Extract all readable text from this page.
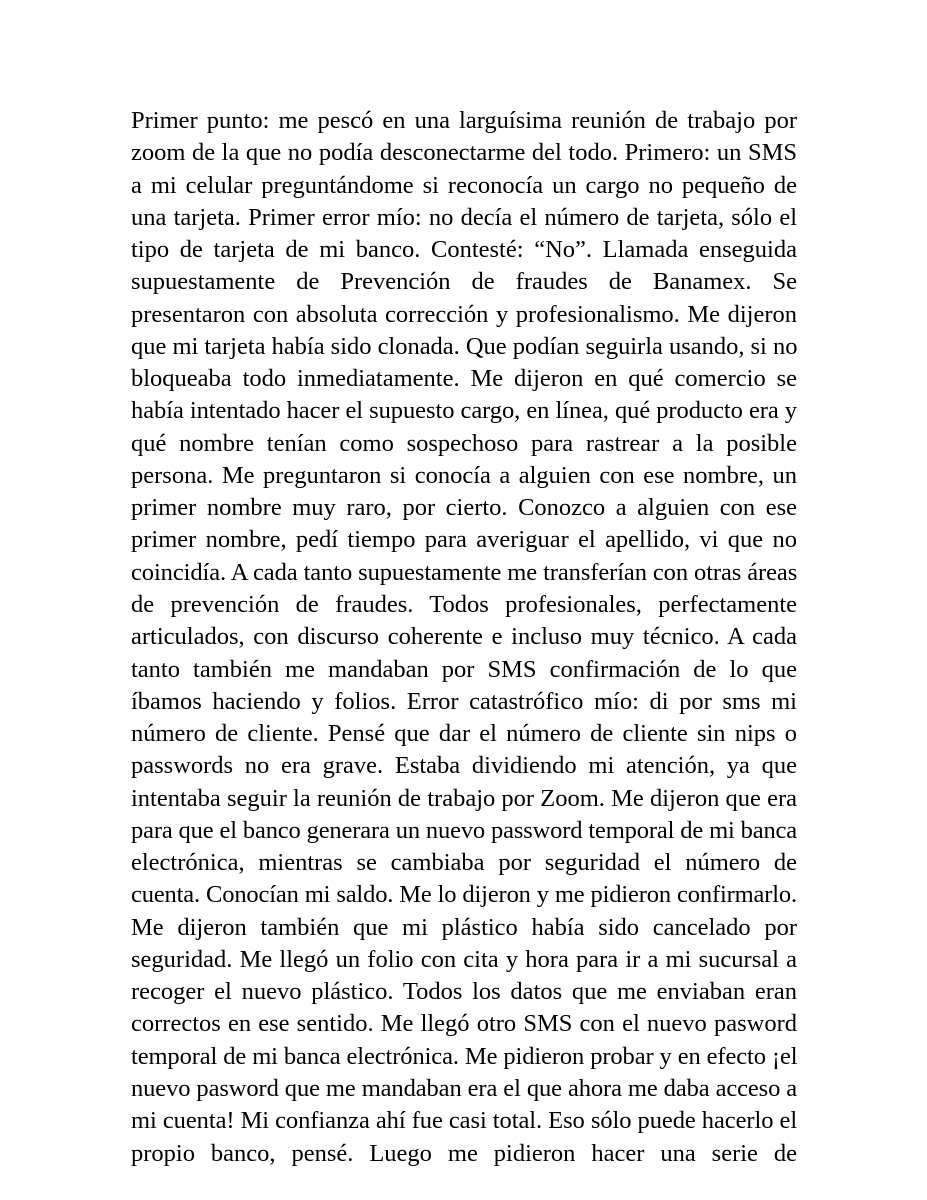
Primer punto: me pescó en una larguísima reunión de trabajo por
zoom de la que no podía desconectarme del todo. Primero: un SMS
a mi celular preguntándome si reconocía un cargo no pequeño de
una tarjeta. Primer error mío: no decía el número de tarjeta, sólo el
tipo de tarjeta de mi banco. Contesté: “No”. Llamada enseguida
supuestamente de Prevención de fraudes de Banamex. Se
presentaron con absoluta corrección y profesionalismo. Me dijeron
que mi tarjeta había sido clonada. Que podían seguirla usando, si no
bloqueaba todo inmediatamente. Me dijeron en qué comercio se
había intentado hacer el supuesto cargo, en línea, qué producto era y
qué nombre tenían como sospechoso para rastrear a la posible
persona. Me preguntaron si conocía a alguien con ese nombre, un
primer nombre muy raro, por cierto. Conozco a alguien con ese
primer nombre, pedí tiempo para averiguar el apellido, vi que no
coincidía. A cada tanto supuestamente me transferían con otras áreas
de prevención de fraudes. Todos profesionales, perfectamente
articulados, con discurso coherente e incluso muy técnico. A cada
tanto también me mandaban por SMS confirmación de lo que
íbamos haciendo y folios. Error catastrófico mío: di por sms mi
número de cliente. Pensé que dar el número de cliente sin nips o
passwords no era grave. Estaba dividiendo mi atención, ya que
intentaba seguir la reunión de trabajo por Zoom. Me dijeron que era
para que el banco generara un nuevo password temporal de mi banca
electrónica, mientras se cambiaba por seguridad el número de
cuenta. Conocían mi saldo. Me lo dijeron y me pidieron confirmarlo.
Me dijeron también que mi plástico había sido cancelado por
seguridad. Me llegó un folio con cita y hora para ir a mi sucursal a
recoger el nuevo plástico. Todos los datos que me enviaban eran
correctos en ese sentido. Me llegó otro SMS con el nuevo pasword
temporal de mi banca electrónica. Me pidieron probar y en efecto ¡el
nuevo pasword que me mandaban era el que ahora me daba acceso a
mi cuenta! Mi confianza ahí fue casi total. Eso sólo puede hacerlo el
propio banco, pensé. Luego me pidieron hacer una serie de
